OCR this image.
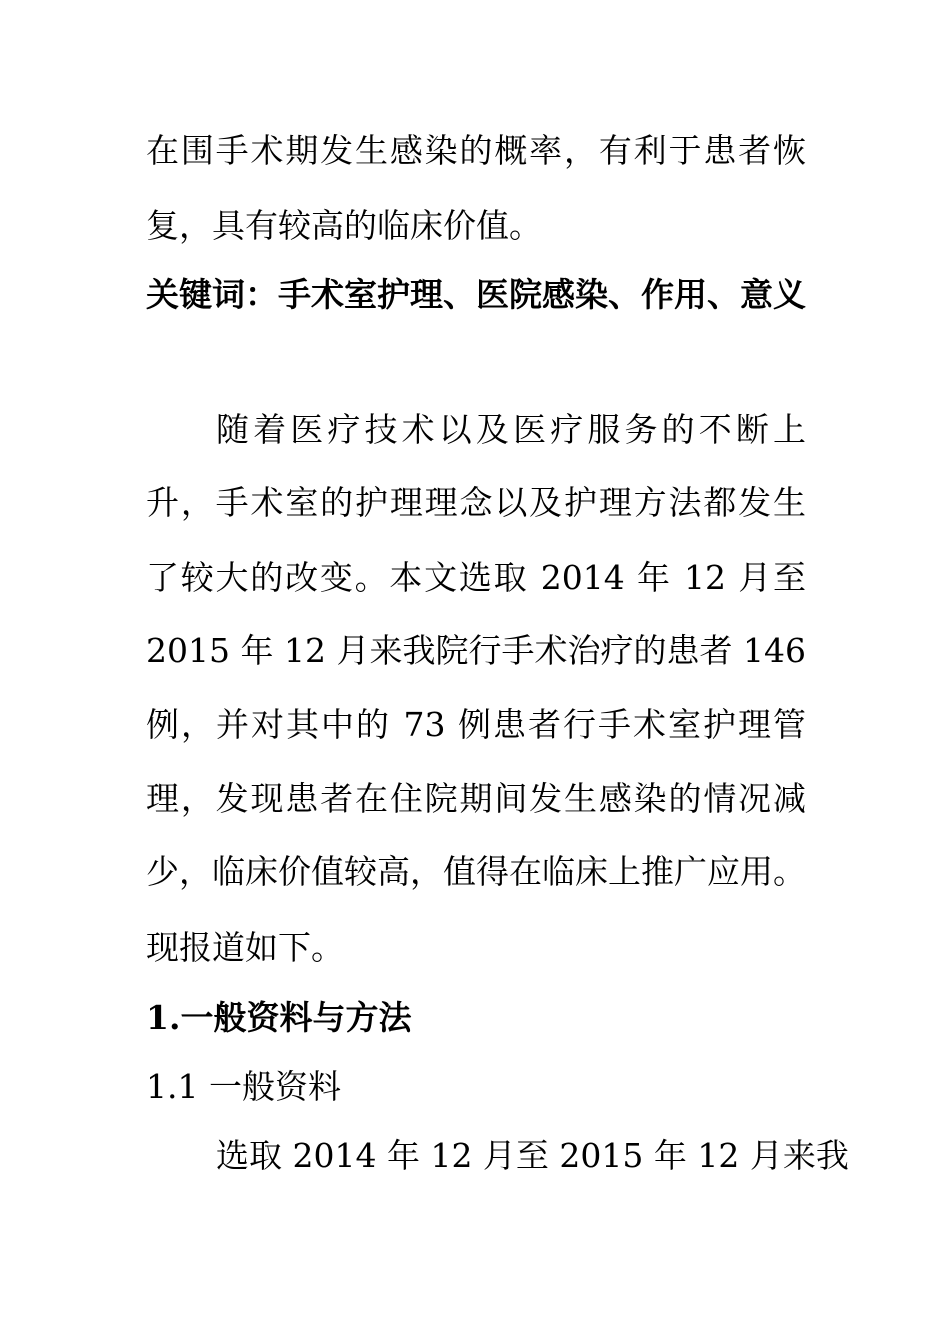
在围手术期发生感染的概率，有利于患者恢
复，具有较高的临床价值。
关键词：手术室护理、医院感染、作用、意义
随着医疗技术以及医疗服务的不断上
升，手术室的护理理念以及护理方法都发生
了较大的改变。本文选取 2014 年 12 月至
2015 年 12 月来我院行手术治疗的患者 146
例，并对其中的 73 例患者行手术室护理管
理，发现患者在住院期间发生感染的情况减
少，临床价值较高，值得在临床上推广应用。
现报道如下。
1.一般资料与方法
1.1 一般资料
选取 2014 年 12 月至 2015 年 12 月来我
